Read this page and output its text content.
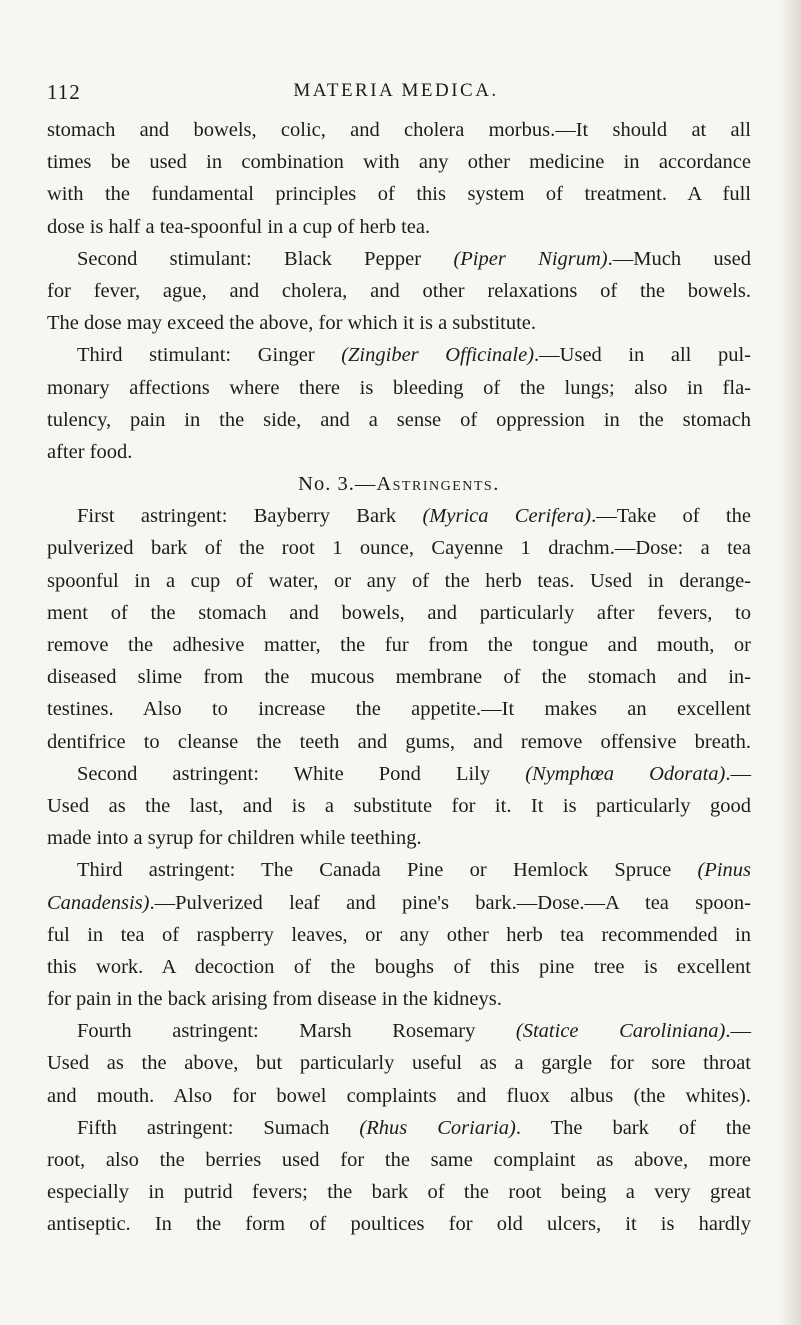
112	MATERIA MEDICA.
stomach and bowels, colic, and cholera morbus.—It should at all
times be used in combination with any other medicine in accordance
with the fundamental principles of this system of treatment. A full
dose is half a tea-spoonful in a cup of herb tea.
Second stimulant: Black Pepper (Piper Nigrum).—Much used
for fever, ague, and cholera, and other relaxations of the bowels.
The dose may exceed the above, for which it is a substitute.
Third stimulant: Ginger (Zingiber Officinale).—Used in all pul-
monary affections where there is bleeding of the lungs; also in fla-
tulency, pain in the side, and a sense of oppression in the stomach
after food.
No. 3.—Astringents.
First astringent: Bayberry Bark (Myrica Cerifera).—Take of the
pulverized bark of the root 1 ounce, Cayenne 1 drachm.—Dose: a tea
spoonful in a cup of water, or any of the herb teas. Used in derange-
ment of the stomach and bowels, and particularly after fevers, to
remove the adhesive matter, the fur from the tongue and mouth, or
diseased slime from the mucous membrane of the stomach and in-
testines. Also to increase the appetite.—It makes an excellent
dentifrice to cleanse the teeth and gums, and remove offensive breath.
Second astringent: White Pond Lily (Nymphœa Odorata).—
Used as the last, and is a substitute for it. It is particularly good
made into a syrup for children while teething.
Third astringent: The Canada Pine or Hemlock Spruce (Pinus
Canadensis).—Pulverized leaf and pine's bark.—Dose.—A tea spoon-
ful in tea of raspberry leaves, or any other herb tea recommended in
this work. A decoction of the boughs of this pine tree is excellent
for pain in the back arising from disease in the kidneys.
Fourth astringent: Marsh Rosemary (Statice Caroliniana).—
Used as the above, but particularly useful as a gargle for sore throat
and mouth. Also for bowel complaints and fluox albus (the whites).
Fifth astringent: Sumach (Rhus Coriaria). The bark of the
root, also the berries used for the same complaint as above, more
especially in putrid fevers; the bark of the root being a very great
antiseptic. In the form of poultices for old ulcers, it is hardly
